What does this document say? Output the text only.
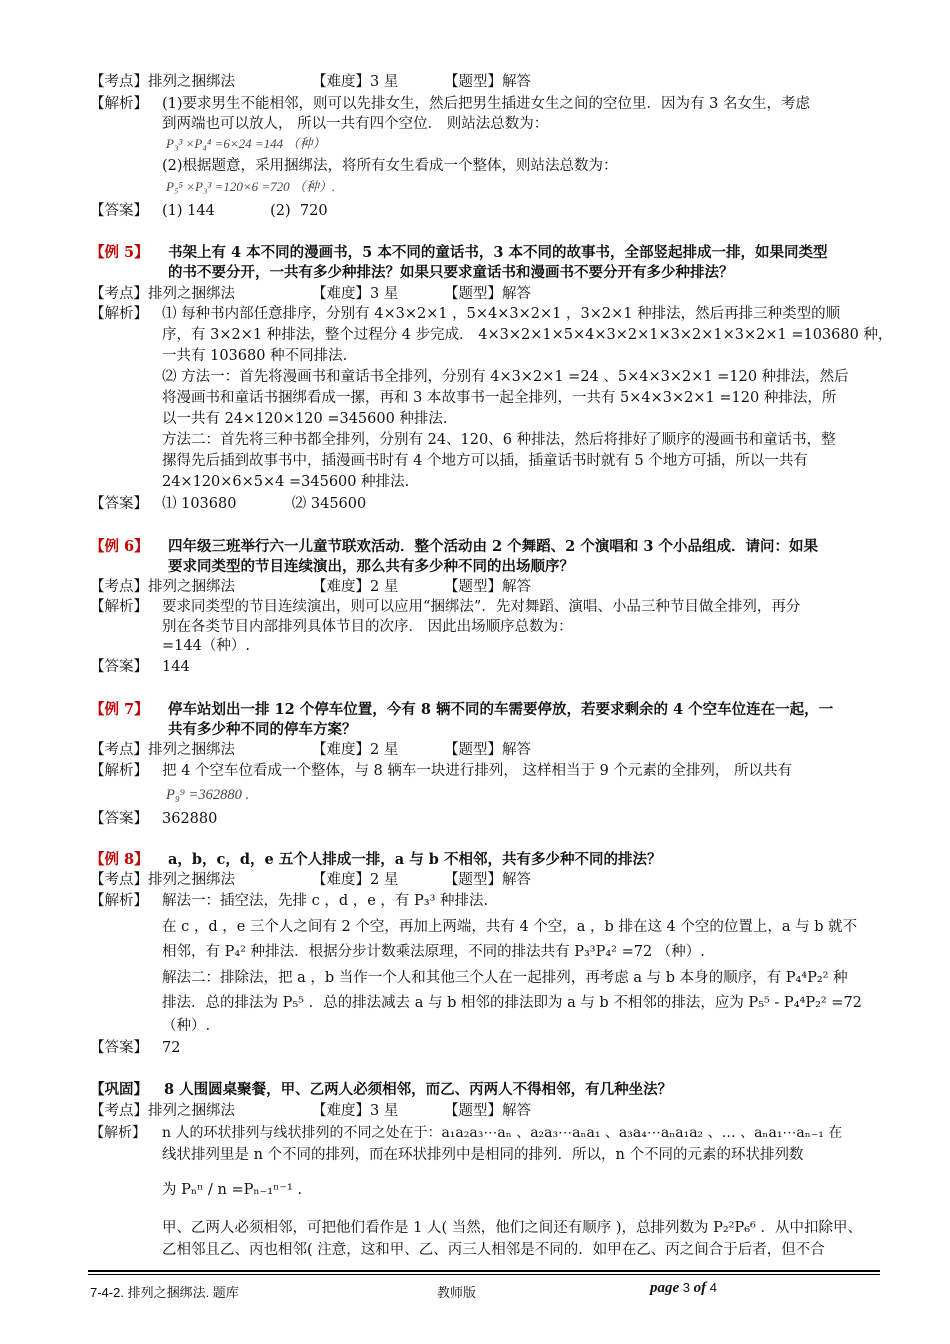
【考点】排列之捆绑法	【难度】3 星	【题型】解答
【解析】 (1)要求男生不能相邻，则可以先排女生，然后把男生插进女生之间的空位里．因为有 3 名女生，考虑
到两端也可以放人， 所以一共有四个空位． 则站法总数为：
P₃³ ×P₄⁴ =6×24 =144 （种）
(2)根据题意，采用捆绑法，将所有女生看成一个整体，则站法总数为：
P₅⁵ ×P₃³ =120×6 =720 （种）.
【答案】 (1) 144            (2)  720
【例 5】 书架上有 4 本不同的漫画书，5 本不同的童话书，3 本不同的故事书，全部竖起排成一排，如果同类型
的书不要分开，一共有多少种排法？如果只要求童话书和漫画书不要分开有多少种排法？
【考点】排列之捆绑法	【难度】3 星	【题型】解答
【解析】 ⑴ 每种书内部任意排序，分别有 4×3×2×1 ，5×4×3×2×1 ，3×2×1 种排法，然后再排三种类型的顺
序，有 3×2×1 种排法，整个过程分 4 步完成． 4×3×2×1×5×4×3×2×1×3×2×1×3×2×1 =103680 种，
一共有 103680 种不同排法.
⑵ 方法一：首先将漫画书和童话书全排列，分别有 4×3×2×1 =24 、5×4×3×2×1 =120 种排法，然后
将漫画书和童话书捆绑看成一摞，再和 3 本故事书一起全排列，一共有 5×4×3×2×1 =120 种排法，所
以一共有 24×120×120 =345600 种排法.
方法二：首先将三种书都全排列，分别有 24、120、6 种排法，然后将排好了顺序的漫画书和童话书，整
摞得先后插到故事书中，插漫画书时有 4 个地方可以插，插童话书时就有 5 个地方可插，所以一共有
24×120×6×5×4 =345600 种排法.
【答案】 ⑴ 103680            ⑵ 345600
【例 6】 四年级三班举行六一儿童节联欢活动．整个活动由 2 个舞蹈、2 个演唱和 3 个小品组成．请问：如果
要求同类型的节目连续演出，那么共有多少种不同的出场顺序？
【考点】排列之捆绑法	【难度】2 星	【题型】解答
【解析】 要求同类型的节目连续演出，则可以应用“捆绑法”．先对舞蹈、演唱、小品三种节目做全排列，再分
别在各类节目内部排列具体节目的次序． 因此出场顺序总数为：
=144（种）.
【答案】 144
【例 7】 停车站划出一排 12 个停车位置，今有 8 辆不同的车需要停放，若要求剩余的 4 个空车位连在一起，一
共有多少种不同的停车方案？
【考点】排列之捆绑法	【难度】2 星	【题型】解答
【解析】 把 4 个空车位看成一个整体，与 8 辆车一块进行排列， 这样相当于 9 个元素的全排列， 所以共有
P₉⁹ =362880 .
【答案】 362880
【例 8】 a，b，c，d，e 五个人排成一排，a 与 b 不相邻，共有多少种不同的排法？
【考点】排列之捆绑法	【难度】2 星	【题型】解答
【解析】 解法一：插空法，先排 c ，d ，e ，有 P₃³ 种排法.
在 c ，d ，e 三个人之间有 2 个空，再加上两端，共有 4 个空，a ，b 排在这 4 个空的位置上，a 与 b 就不
相邻，有 P₄² 种排法．根据分步计数乘法原理，不同的排法共有 P₃³P₄² =72 （种）.
解法二：排除法，把 a ，b 当作一个人和其他三个人在一起排列，再考虑 a 与 b 本身的顺序，有 P₄⁴P₂² 种
排法．总的排法为 P₅⁵ ．总的排法减去 a 与 b 相邻的排法即为 a 与 b 不相邻的排法，应为 P₅⁵ - P₄⁴P₂² =72
（种）.
【答案】 72
【巩固】 8 人围圆桌聚餐，甲、乙两人必须相邻，而乙、丙两人不得相邻，有几种坐法？
【考点】排列之捆绑法	【难度】3 星	【题型】解答
【解析】 n 人的环状排列与线状排列的不同之处在于：a₁a₂a₃⋯aₙ 、a₂a₃⋯aₙa₁ 、a₃a₄⋯aₙa₁a₂ 、… 、aₙa₁⋯aₙ₋₁ 在
线状排列里是 n 个不同的排列，而在环状排列中是相同的排列．所以，n 个不同的元素的环状排列数
为 Pₙⁿ / n =Pₙ₋₁ⁿ⁻¹ .
甲、乙两人必须相邻，可把他们看作是 1 人( 当然，他们之间还有顺序 )，总排列数为 P₂²P₆⁶ ．从中扣除甲、
乙相邻且乙、丙也相邻( 注意，这和甲、乙、丙三人相邻是不同的．如甲在乙、丙之间合于后者，但不合
7-4-2. 排列之捆绑法. 题库	教师版	page 3 of 4
